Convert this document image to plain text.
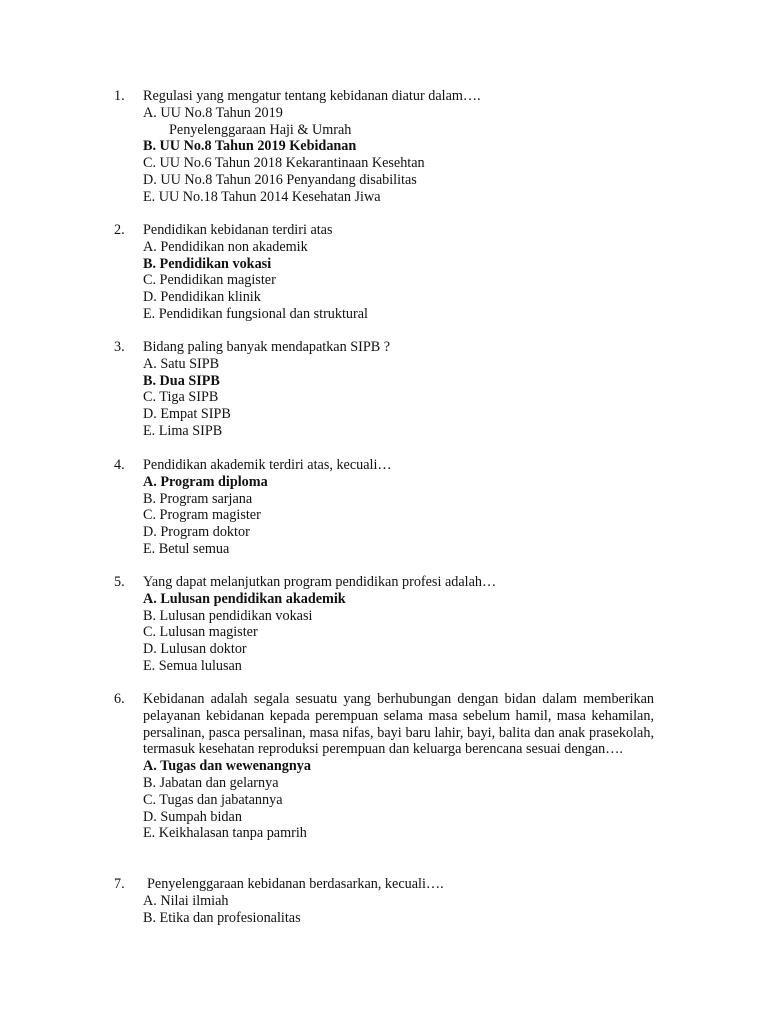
1.	Regulasi yang mengatur tentang kebidanan diatur dalam….
A. UU No.8 Tahun 2019
Penyelenggaraan Haji & Umrah
B. UU No.8 Tahun 2019 Kebidanan
C. UU No.6 Tahun 2018 Kekarantinaan Kesehtan
D. UU No.8 Tahun 2016 Penyandang disabilitas
E. UU No.18 Tahun 2014 Kesehatan Jiwa
2.	Pendidikan kebidanan terdiri atas
A. Pendidikan non akademik
B. Pendidikan vokasi
C. Pendidikan magister
D. Pendidikan klinik
E. Pendidikan fungsional dan struktural
3.	Bidang paling banyak mendapatkan SIPB ?
A. Satu SIPB
B. Dua SIPB
C. Tiga SIPB
D. Empat SIPB
E. Lima SIPB
4.	Pendidikan akademik terdiri atas, kecuali…
A. Program diploma
B. Program sarjana
C. Program magister
D. Program doktor
E. Betul semua
5.	Yang dapat melanjutkan program pendidikan profesi adalah…
A. Lulusan pendidikan akademik
B. Lulusan pendidikan vokasi
C. Lulusan magister
D. Lulusan doktor
E. Semua lulusan
6.	Kebidanan adalah segala sesuatu yang berhubungan dengan bidan dalam memberikan pelayanan kebidanan kepada perempuan selama masa sebelum hamil, masa kehamilan, persalinan, pasca persalinan, masa nifas, bayi baru lahir, bayi, balita dan anak prasekolah, termasuk kesehatan reproduksi perempuan dan keluarga berencana sesuai dengan….
A. Tugas dan wewenangnya
B. Jabatan dan gelarnya
C. Tugas dan jabatannya
D. Sumpah bidan
E. Keikhalasan tanpa pamrih
7.	Penyelenggaraan kebidanan berdasarkan, kecuali….
A. Nilai ilmiah
B. Etika dan profesionalitas
